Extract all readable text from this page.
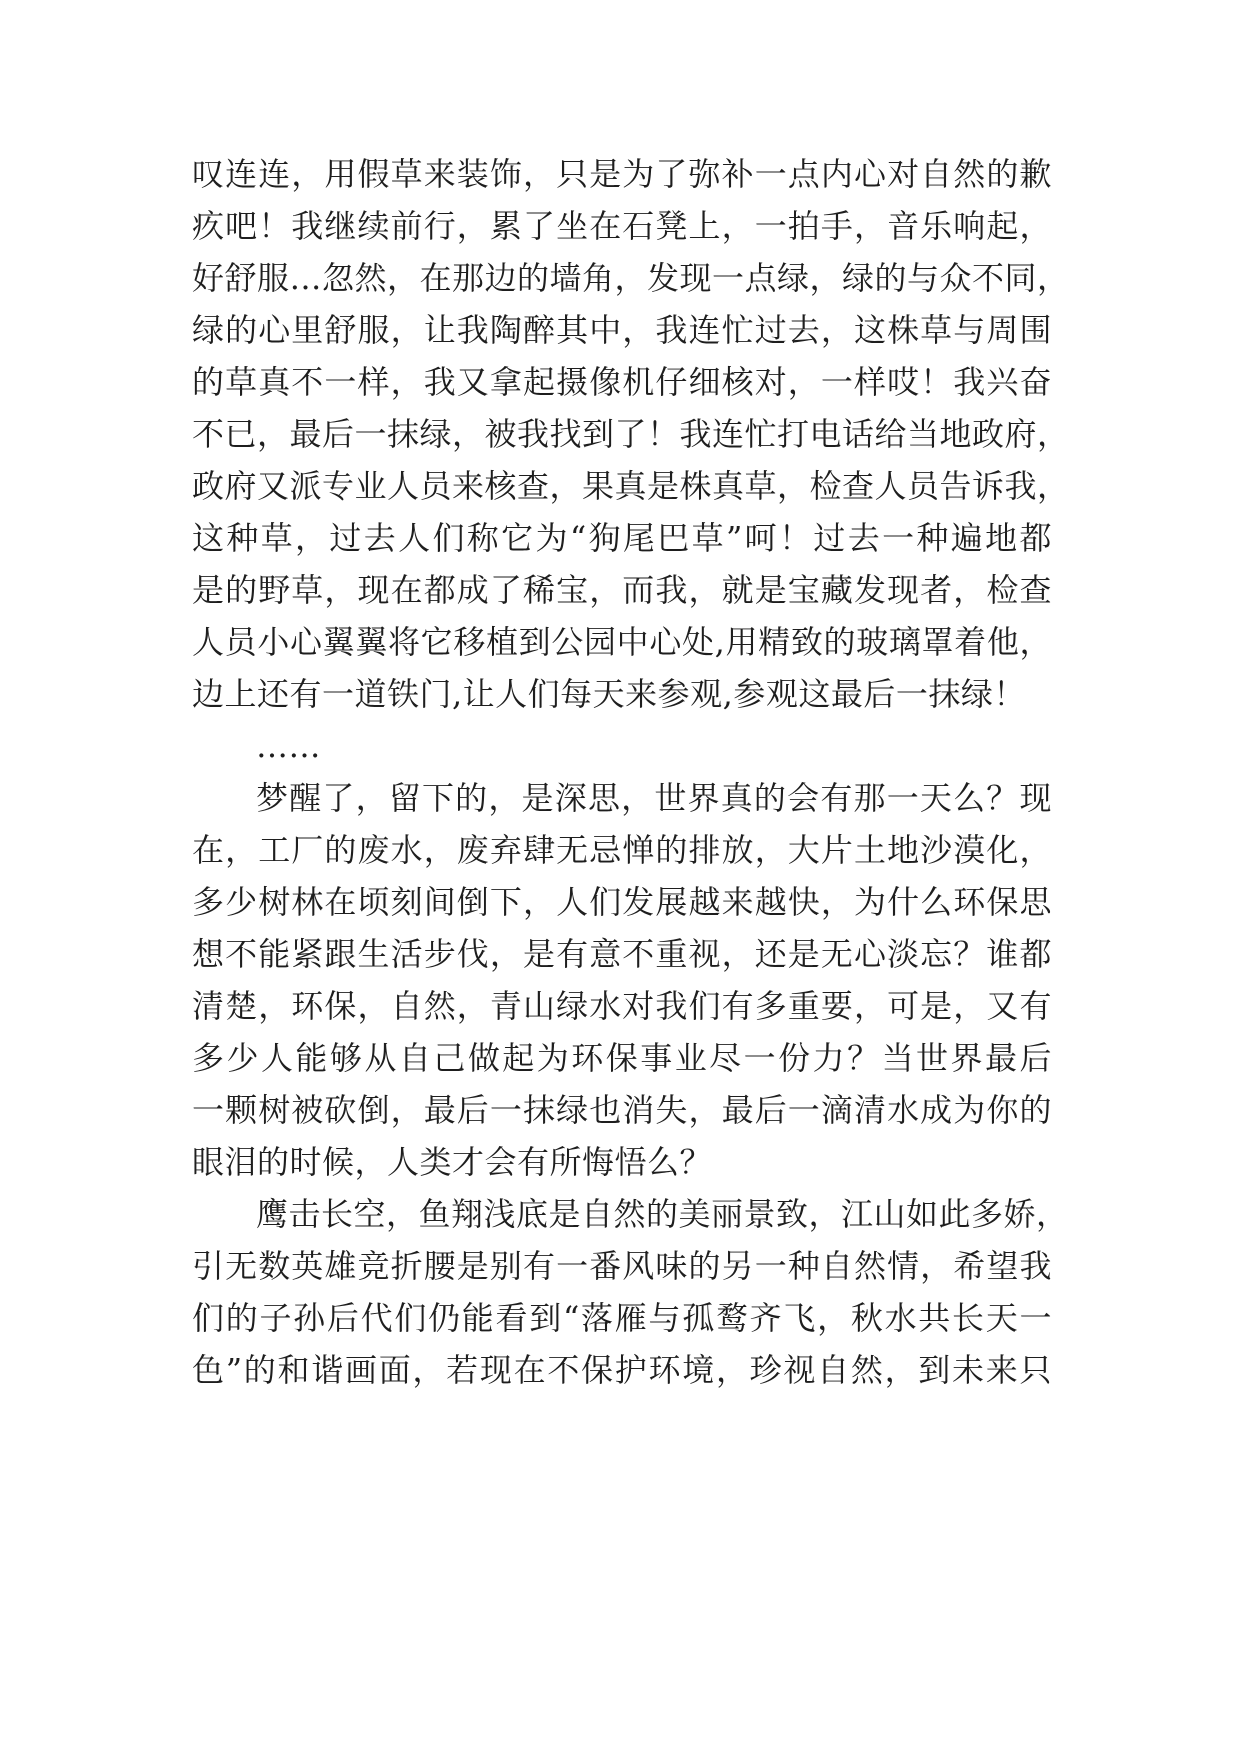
叹连连，用假草来装饰，只是为了弥补一点内心对自然的歉
疚吧！我继续前行，累了坐在石凳上，一拍手，音乐响起，
好舒服…忽然，在那边的墙角，发现一点绿，绿的与众不同，
绿的心里舒服，让我陶醉其中，我连忙过去，这株草与周围
的草真不一样，我又拿起摄像机仔细核对，一样哎！我兴奋
不已，最后一抹绿，被我找到了！我连忙打电话给当地政府，
政府又派专业人员来核查，果真是株真草，检查人员告诉我，
这种草，过去人们称它为“狗尾巴草”呵！过去一种遍地都
是的野草，现在都成了稀宝，而我，就是宝藏发现者，检查
人员小心翼翼将它移植到公园中心处,用精致的玻璃罩着他，
边上还有一道铁门,让人们每天来参观,参观这最后一抹绿！
……
梦醒了，留下的，是深思，世界真的会有那一天么？现
在，工厂的废水，废弃肆无忌惮的排放，大片土地沙漠化，
多少树林在顷刻间倒下，人们发展越来越快，为什么环保思
想不能紧跟生活步伐，是有意不重视，还是无心淡忘？谁都
清楚，环保，自然，青山绿水对我们有多重要，可是，又有
多少人能够从自己做起为环保事业尽一份力？当世界最后
一颗树被砍倒，最后一抹绿也消失，最后一滴清水成为你的
眼泪的时候，人类才会有所悔悟么？
鹰击长空，鱼翔浅底是自然的美丽景致，江山如此多娇，
引无数英雄竞折腰是别有一番风味的另一种自然情，希望我
们的子孙后代们仍能看到“落雁与孤鹜齐飞，秋水共长天一
色”的和谐画面，若现在不保护环境，珍视自然，到未来只
